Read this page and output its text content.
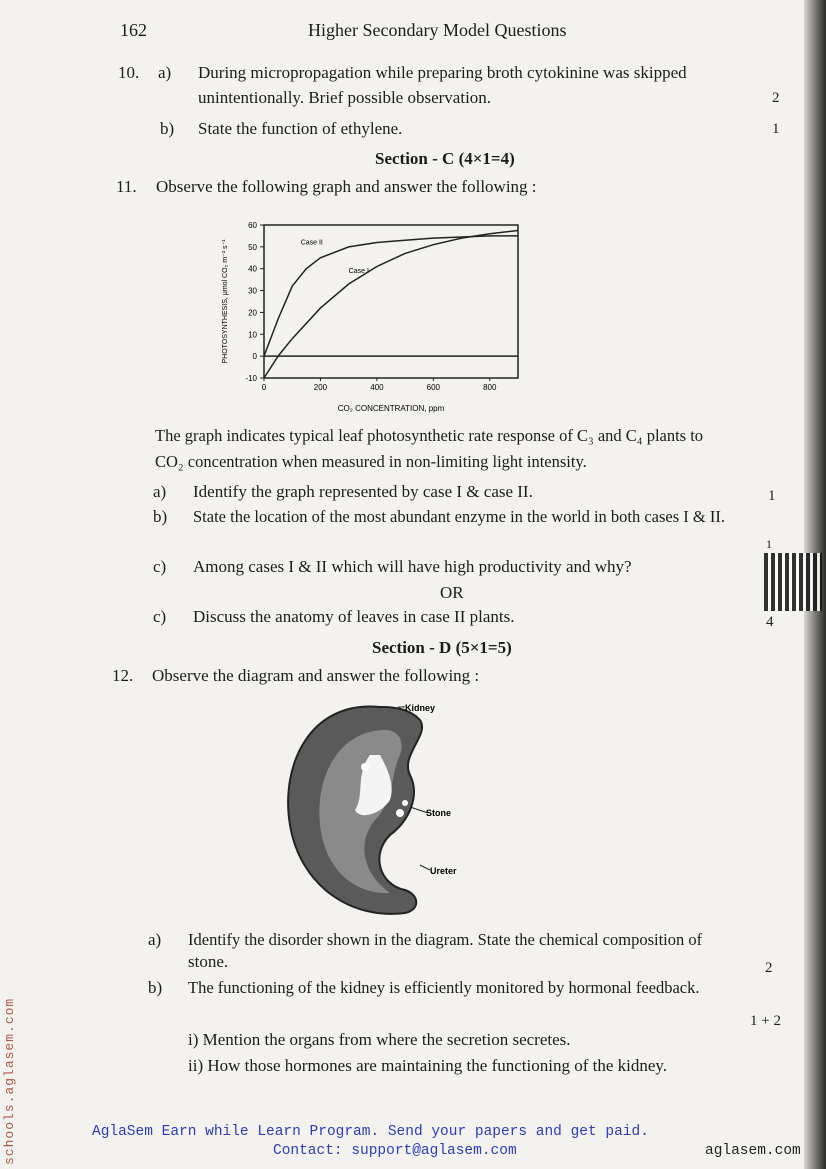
162	Higher Secondary Model Questions
10. a) During micropropagation while preparing broth cytokinine was skipped
unintentionally. Brief possible observation.	2
b) State the function of ethylene.	1
Section - C (4×1=4)
11. Observe the following graph and answer the following :
60
50
40
30
20
10
0
-10
0	200	400	600	800
CO₂ CONCENTRATION, ppm
PHOTOSYNTHESIS, μmol CO₂ m⁻² s⁻¹	Case II
Case I
The graph indicates typical leaf photosynthetic rate response of C₃ and C₄ plants to
CO₂ concentration when measured in non-limiting light intensity.
a) Identify the graph represented by case I & case II.	1
b) State the location of the most abundant enzyme in the world in both cases I & II.
1
c) Among cases I & II which will have high productivity and why?
OR
c) Discuss the anatomy of leaves in case II plants.	4
Section - D (5×1=5)
12. Observe the diagram and answer the following :
Kidney
Stone
Ureter
a) Identify the disorder shown in the diagram. State the chemical composition of
stone.	2
b) The functioning of the kidney is efficiently monitored by hormonal feedback.
1 + 2
i) Mention the organs from where the secretion secretes.
ii) How those hormones are maintaining the functioning of the kidney.
schools.aglasem.com	AglaSem Earn while Learn Program. Send your papers and get paid.
Contact: support@aglasem.com	aglasem.com
